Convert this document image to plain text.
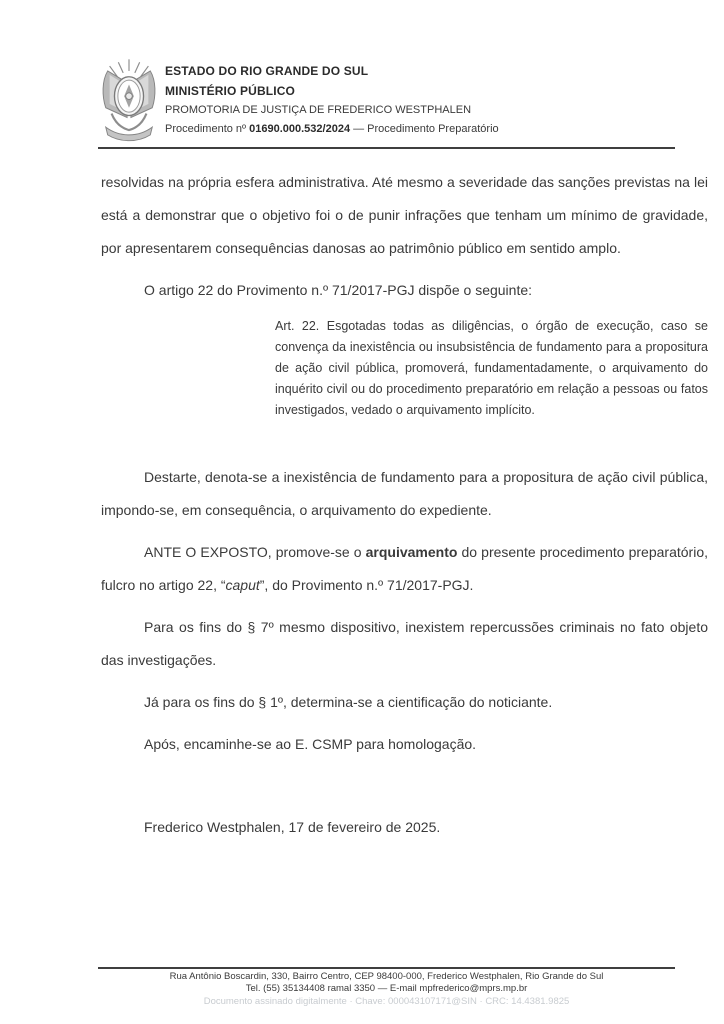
ESTADO DO RIO GRANDE DO SUL
MINISTÉRIO PÚBLICO
PROMOTORIA DE JUSTIÇA DE FREDERICO WESTPHALEN
Procedimento nº 01690.000.532/2024 — Procedimento Preparatório

resolvidas na própria esfera administrativa. Até mesmo a severidade das sanções previstas na lei está a demonstrar que o objetivo foi o de punir infrações que tenham um mínimo de gravidade, por apresentarem consequências danosas ao patrimônio público em sentido amplo.

O artigo 22 do Provimento n.º 71/2017-PGJ dispõe o seguinte:

Art. 22. Esgotadas todas as diligências, o órgão de execução, caso se convença da inexistência ou insubsistência de fundamento para a propositura de ação civil pública, promoverá, fundamentadamente, o arquivamento do inquérito civil ou do procedimento preparatório em relação a pessoas ou fatos investigados, vedado o arquivamento implícito.

Destarte, denota-se a inexistência de fundamento para a propositura de ação civil pública, impondo-se, em consequência, o arquivamento do expediente.

ANTE O EXPOSTO, promove-se o arquivamento do presente procedimento preparatório, fulcro no artigo 22, “caput”, do Provimento n.º 71/2017-PGJ.

Para os fins do § 7º mesmo dispositivo, inexistem repercussões criminais no fato objeto das investigações.

Já para os fins do § 1º, determina-se a cientificação do noticiante.

Após, encaminhe-se ao E. CSMP para homologação.

Frederico Westphalen, 17 de fevereiro de 2025.

Rua Antônio Boscardin, 330, Bairro Centro, CEP 98400-000, Frederico Westphalen, Rio Grande do Sul
Tel. (55) 35134408 ramal 3350 — E-mail mpfrederico@mprs.mp.br
Documento assinado digitalmente · Chave: 000043107171@SIN · CRC: 14.4381.9825
